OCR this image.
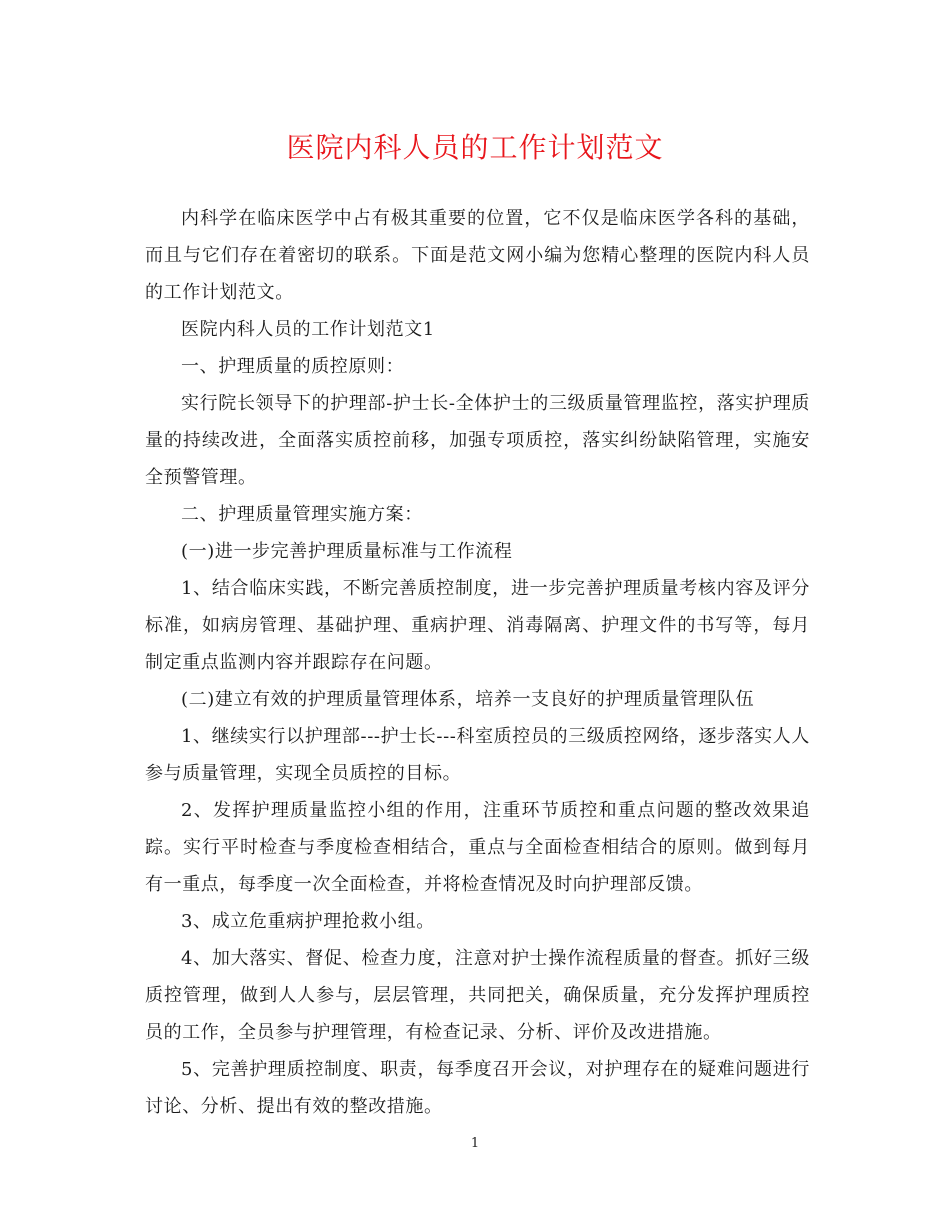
医院内科人员的工作计划范文

内科学在临床医学中占有极其重要的位置，它不仅是临床医学各科的基础，而且与它们存在着密切的联系。下面是范文网小编为您精心整理的医院内科人员的工作计划范文。

医院内科人员的工作计划范文1

一、护理质量的质控原则：

实行院长领导下的护理部-护士长-全体护士的三级质量管理监控，落实护理质量的持续改进，全面落实质控前移，加强专项质控，落实纠纷缺陷管理，实施安全预警管理。

二、护理质量管理实施方案：

(一)进一步完善护理质量标准与工作流程

1、结合临床实践，不断完善质控制度，进一步完善护理质量考核内容及评分标准，如病房管理、基础护理、重病护理、消毒隔离、护理文件的书写等，每月制定重点监测内容并跟踪存在问题。

(二)建立有效的护理质量管理体系，培养一支良好的护理质量管理队伍

1、继续实行以护理部---护士长---科室质控员的三级质控网络，逐步落实人人参与质量管理，实现全员质控的目标。

2、发挥护理质量监控小组的作用，注重环节质控和重点问题的整改效果追踪。实行平时检查与季度检查相结合，重点与全面检查相结合的原则。做到每月有一重点，每季度一次全面检查，并将检查情况及时向护理部反馈。

3、成立危重病护理抢救小组。

4、加大落实、督促、检查力度，注意对护士操作流程质量的督查。抓好三级质控管理，做到人人参与，层层管理，共同把关，确保质量，充分发挥护理质控员的工作，全员参与护理管理，有检查记录、分析、评价及改进措施。

5、完善护理质控制度、职责，每季度召开会议，对护理存在的疑难问题进行讨论、分析、提出有效的整改措施。

1
